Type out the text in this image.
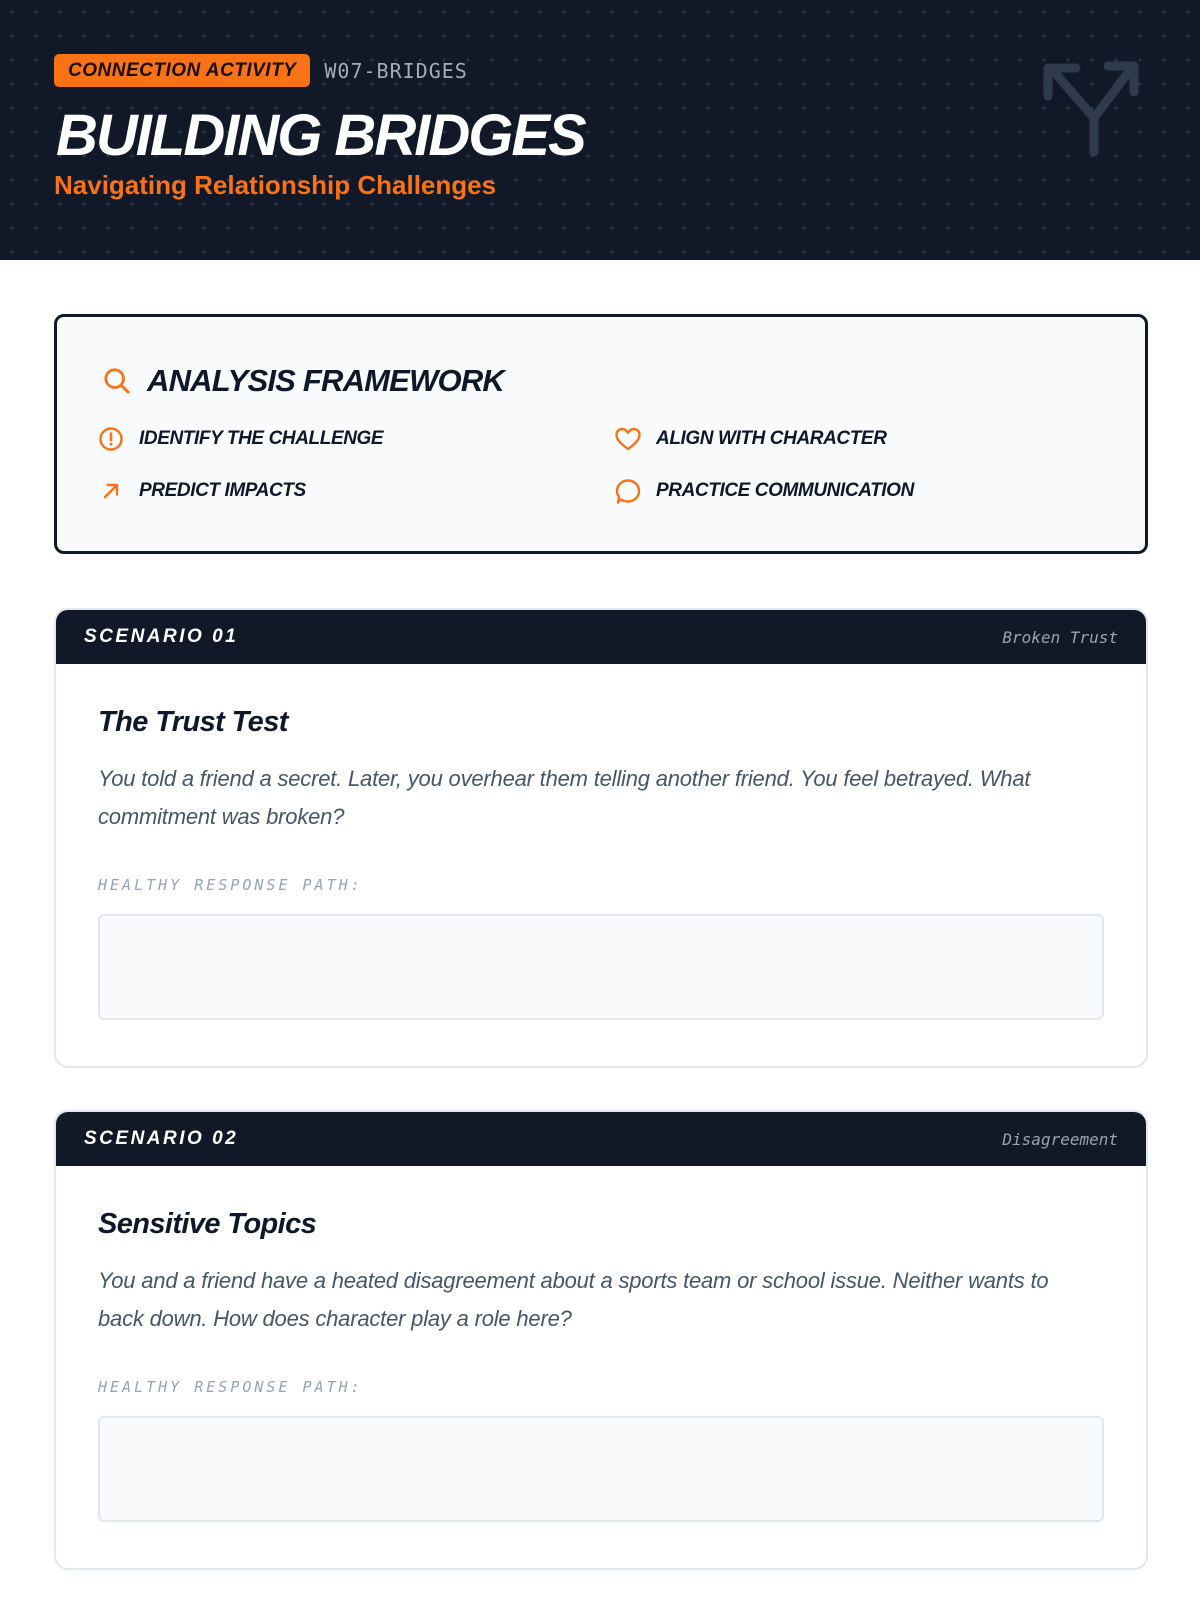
CONNECTION ACTIVITY	W07-BRIDGES
BUILDING BRIDGES
Navigating Relationship Challenges
ANALYSIS FRAMEWORK
IDENTIFY THE CHALLENGE	ALIGN WITH CHARACTER
PREDICT IMPACTS	PRACTICE COMMUNICATION
SCENARIO 01	Broken Trust
The Trust Test

You told a friend a secret. Later, you overhear them telling another friend. You feel betrayed. What commitment was broken?

HEALTHY RESPONSE PATH:
SCENARIO 02	Disagreement
Sensitive Topics

You and a friend have a heated disagreement about a sports team or school issue. Neither wants to back down. How does character play a role here?

HEALTHY RESPONSE PATH:
